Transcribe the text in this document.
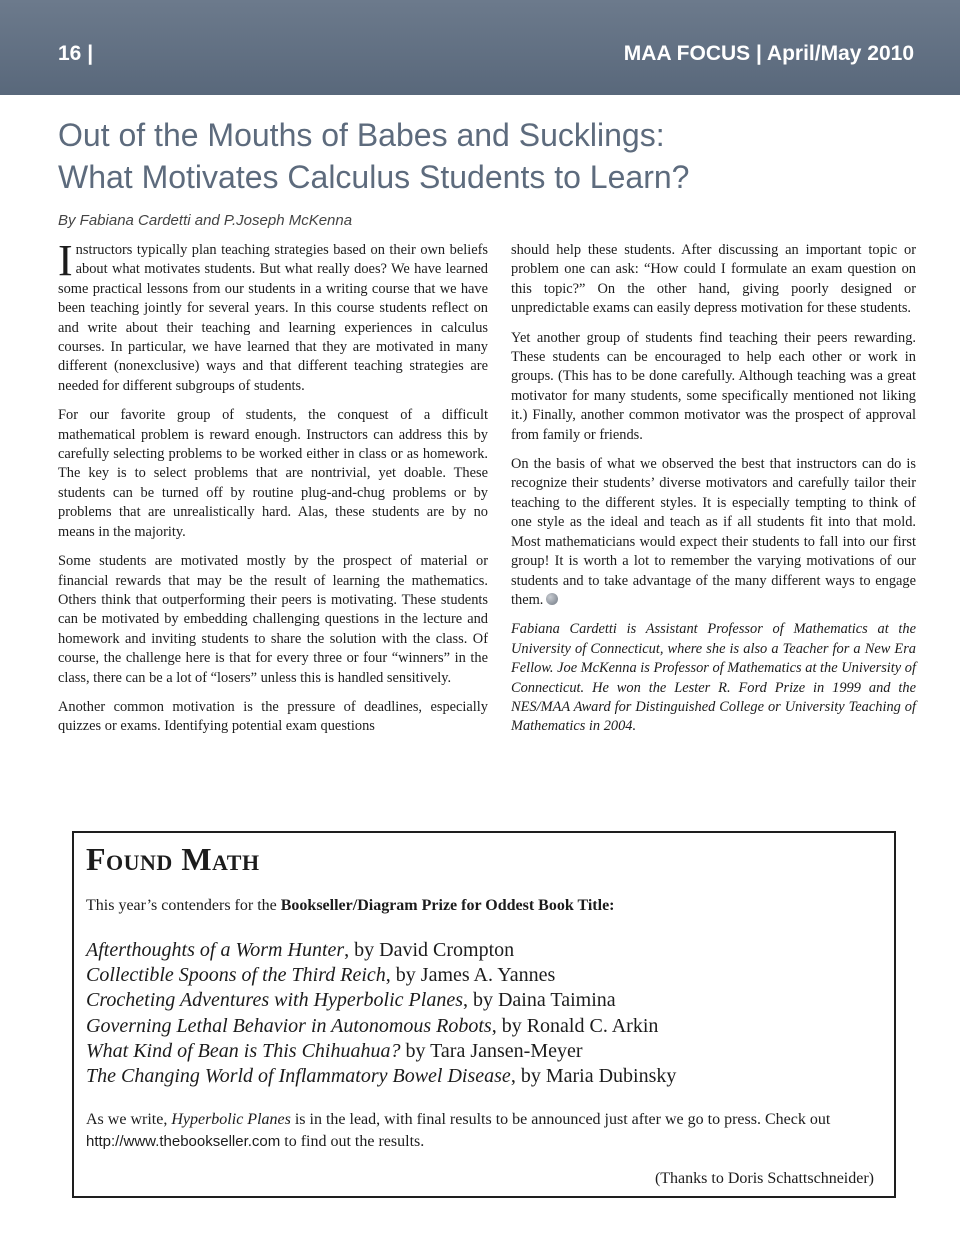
16 |	MAA FOCUS | April/May 2010
Out of the Mouths of Babes and Sucklings:
What Motivates Calculus Students to Learn?
By Fabiana Cardetti and P.Joseph McKenna

Instructors typically plan teaching strategies based on their own beliefs about what motivates students. But what really does? We have learned some practical lessons from our students in a writing course that we have been teaching jointly for several years. In this course students reflect on and write about their teaching and learning experiences in calculus courses. In particular, we have learned that they are motivated in many different (nonexclusive) ways and that different teaching strategies are needed for different subgroups of students.

For our favorite group of students, the conquest of a difficult mathematical problem is reward enough. Instructors can address this by carefully selecting problems to be worked either in class or as homework. The key is to select problems that are nontrivial, yet doable. These students can be turned off by routine plug-and-chug problems or by problems that are unrealistically hard. Alas, these students are by no means in the majority.

Some students are motivated mostly by the prospect of material or financial rewards that may be the result of learning the mathematics. Others think that outperforming their peers is motivating. These students can be motivated by embedding challenging questions in the lecture and homework and inviting students to share the solution with the class. Of course, the challenge here is that for every three or four “winners” in the class, there can be a lot of “losers” unless this is handled sensitively.

Another common motivation is the pressure of deadlines, especially quizzes or exams. Identifying potential exam questions

should help these students. After discussing an important topic or problem one can ask: “How could I formulate an exam question on this topic?” On the other hand, giving poorly designed or unpredictable exams can easily depress motivation for these students.

Yet another group of students find teaching their peers rewarding. These students can be encouraged to help each other or work in groups. (This has to be done carefully. Although teaching was a great motivator for many students, some specifically mentioned not liking it.) Finally, another common motivator was the prospect of approval from family or friends.

On the basis of what we observed the best that instructors can do is recognize their students’ diverse motivators and carefully tailor their teaching to the different styles. It is especially tempting to think of one style as the ideal and teach as if all students fit into that mold. Most mathematicians would expect their students to fall into our first group! It is worth a lot to remember the varying motivations of our students and to take advantage of the many different ways to engage them.

Fabiana Cardetti is Assistant Professor of Mathematics at the University of Connecticut, where she is also a Teacher for a New Era Fellow. Joe McKenna is Professor of Mathematics at the University of Connecticut. He won the Lester R. Ford Prize in 1999 and the NES/MAA Award for Distinguished College or University Teaching of Mathematics in 2004.

Found Math
This year’s contenders for the Bookseller/Diagram Prize for Oddest Book Title:
Afterthoughts of a Worm Hunter, by David Crompton
Collectible Spoons of the Third Reich, by James A. Yannes
Crocheting Adventures with Hyperbolic Planes, by Daina Taimina
Governing Lethal Behavior in Autonomous Robots, by Ronald C. Arkin
What Kind of Bean is This Chihuahua? by Tara Jansen-Meyer
The Changing World of Inflammatory Bowel Disease, by Maria Dubinsky
As we write, Hyperbolic Planes is in the lead, with final results to be announced just after we go to press. Check out http://www.thebookseller.com to find out the results.
(Thanks to Doris Schattschneider)
